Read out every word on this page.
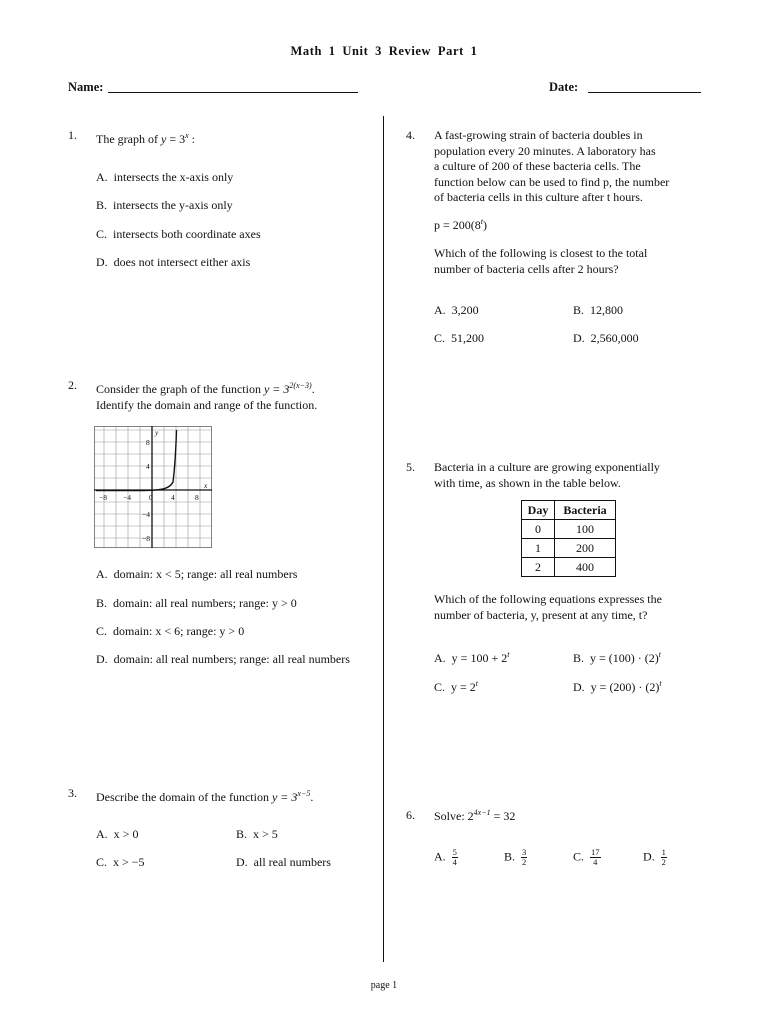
Math 1 Unit 3 Review Part 1
Name:	Date:
1. The graph of $y = 3^x$ :
A. intersects the x-axis only
B. intersects the y-axis only
C. intersects both coordinate axes
D. does not intersect either axis
2. Consider the graph of the function $y = 3^{2(x-3)}$.
Identify the domain and range of the function.
−8 −4 0 4	8
8
4
−4
−8
y
x
A. domain: x < 5; range: all real numbers
B. domain: all real numbers; range: y > 0
C. domain: x < 6; range: y > 0
D. domain: all real numbers; range: all real numbers
3. Describe the domain of the function $y = 3^{x-5}$.
A. x > 0	B. x > 5
C. x > −5	D. all real numbers
4. A fast-growing strain of bacteria doubles in
population every 20 minutes. A laboratory has
a culture of 200 of these bacteria cells. The
function below can be used to find p, the number
of bacteria cells in this culture after t hours.
$p = 200(8^t)$
Which of the following is closest to the total
number of bacteria cells after 2 hours?
A. 3,200	B. 12,800
C. 51,200	D. 2,560,000
5. Bacteria in a culture are growing exponentially
with time, as shown in the table below.
Day	Bacteria
0	100
1	200
2	400
Which of the following equations expresses the
number of bacteria, y, present at any time, t?
A. $y = 100 + 2^t$	B. $y = (100) \cdot (2)^t$
C. $y = 2^t$	D. $y = (200) \cdot (2)^t$
6. Solve: $2^{4x-1} = 32$
A. $\frac{5}{4}$	B. $\frac{3}{2}$	C. $\frac{17}{4}$	D. $\frac{1}{2}$
page 1
